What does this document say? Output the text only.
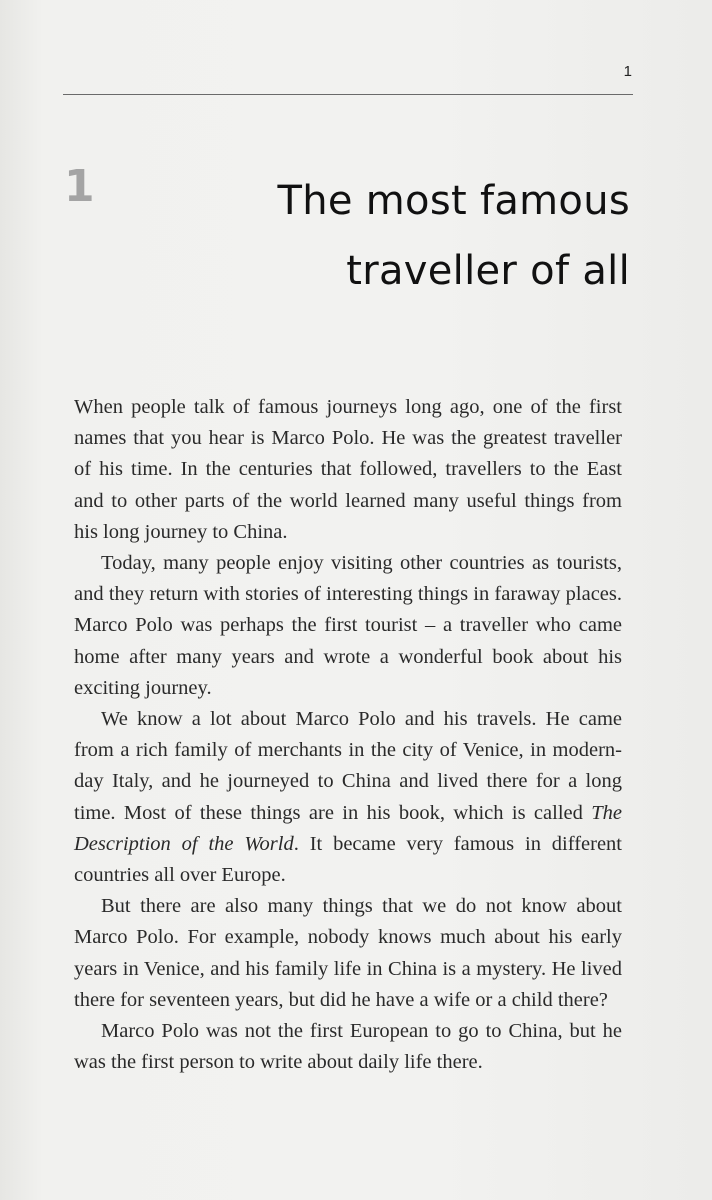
1
1	The most famous
traveller of all

When people talk of famous journeys long ago, one of the first names that you hear is Marco Polo. He was the greatest traveller of his time. In the centuries that followed, travellers to the East and to other parts of the world learned many useful things from his long journey to China.

Today, many people enjoy visiting other countries as tourists, and they return with stories of interesting things in faraway places. Marco Polo was perhaps the first tourist – a traveller who came home after many years and wrote a wonderful book about his exciting journey.

We know a lot about Marco Polo and his travels. He came from a rich family of merchants in the city of Venice, in modern-day Italy, and he journeyed to China and lived there for a long time. Most of these things are in his book, which is called The Description of the World. It became very famous in different countries all over Europe.

But there are also many things that we do not know about Marco Polo. For example, nobody knows much about his early years in Venice, and his family life in China is a mystery. He lived there for seventeen years, but did he have a wife or a child there?

Marco Polo was not the first European to go to China, but he was the first person to write about daily life there.
